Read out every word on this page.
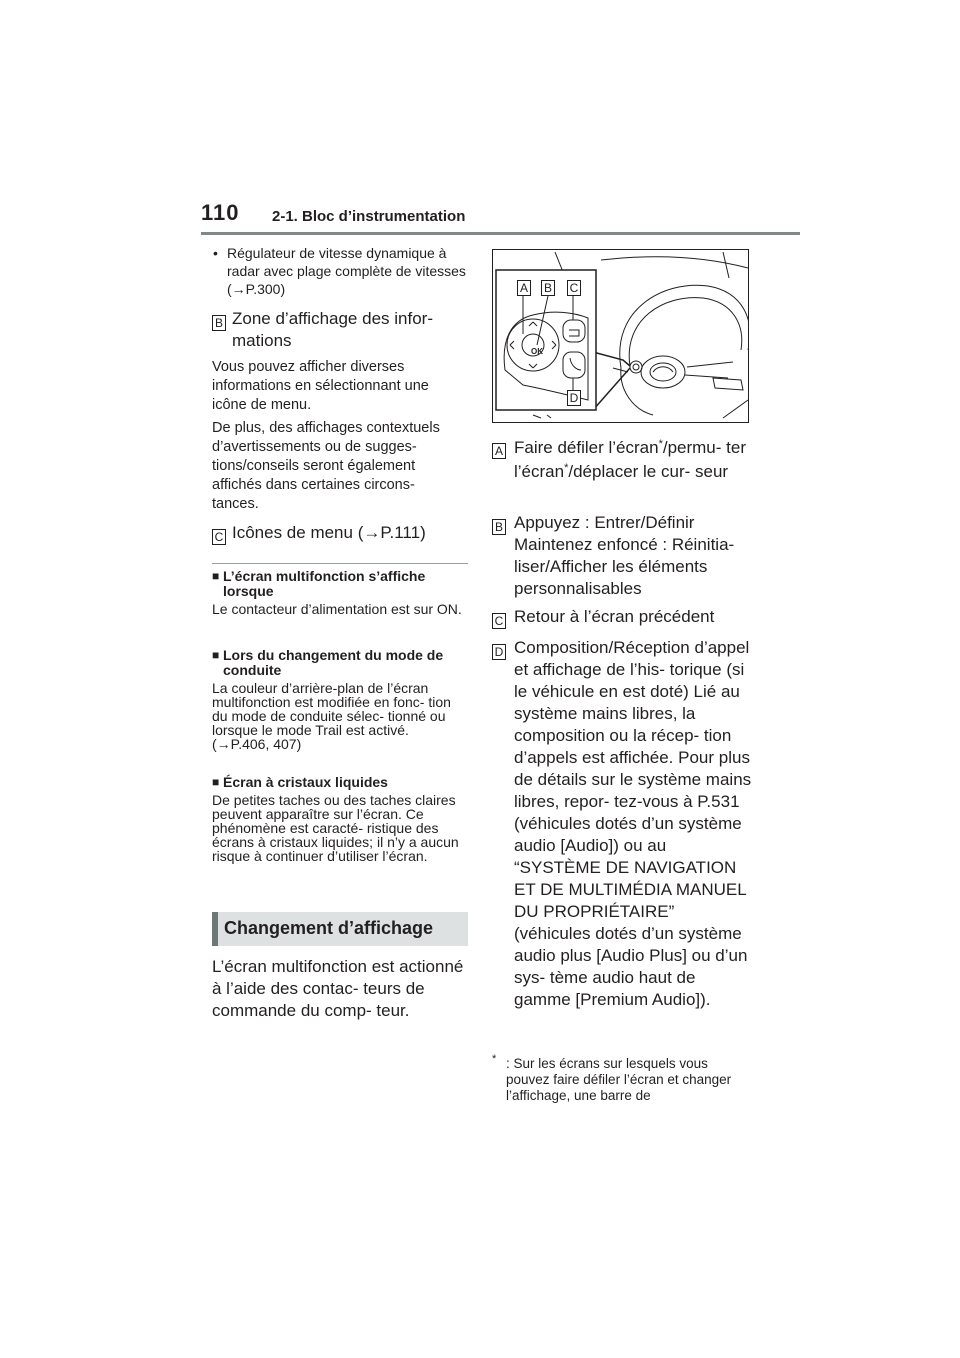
110 2-1. Bloc d’instrumentation
• Régulateur de vitesse dynamique à radar avec plage complète de vitesses (→P.300)
B Zone d’affichage des infor- mations
Vous pouvez afficher diverses informations en sélectionnant une icône de menu.
De plus, des affichages contextuels d’avertissements ou de sugges- tions/conseils seront également affichés dans certaines circons- tances.
C Icônes de menu (→P.111)
■ L’écran multifonction s’affiche lorsque
Le contacteur d’alimentation est sur ON.
■ Lors du changement du mode de conduite
La couleur d’arrière-plan de l’écran multifonction est modifiée en fonc- tion du mode de conduite sélec- tionné ou lorsque le mode Trail est activé. (→P.406, 407)
■ Écran à cristaux liquides
De petites taches ou des taches claires peuvent apparaître sur l’écran. Ce phénomène est caracté- ristique des écrans à cristaux liquides; il n’y a aucun risque à continuer d’utiliser l’écran.
Changement d’affichage
L’écran multifonction est actionné à l’aide des contac- teurs de commande du comp- teur.
OK
A B C
D
A Faire défiler l’écran*/permu- ter l’écran*/déplacer le cur- seur
B Appuyez : Entrer/Définir Maintenez enfoncé : Réinitia- liser/Afficher les éléments personnalisables
C Retour à l’écran précédent
D Composition/Réception d’appel et affichage de l’his- torique (si le véhicule en est doté) Lié au système mains libres, la composition ou la récep- tion d’appels est affichée. Pour plus de détails sur le système mains libres, repor- tez-vous à P.531 (véhicules dotés d’un système audio [Audio]) ou au “SYSTÈME DE NAVIGATION ET DE MULTIMÉDIA MANUEL DU PROPRIÉTAIRE” (véhicules dotés d’un système audio plus [Audio Plus] ou d’un sys- tème audio haut de gamme [Premium Audio]).
* : Sur les écrans sur lesquels vous pouvez faire défiler l’écran et changer l’affichage, une barre de
